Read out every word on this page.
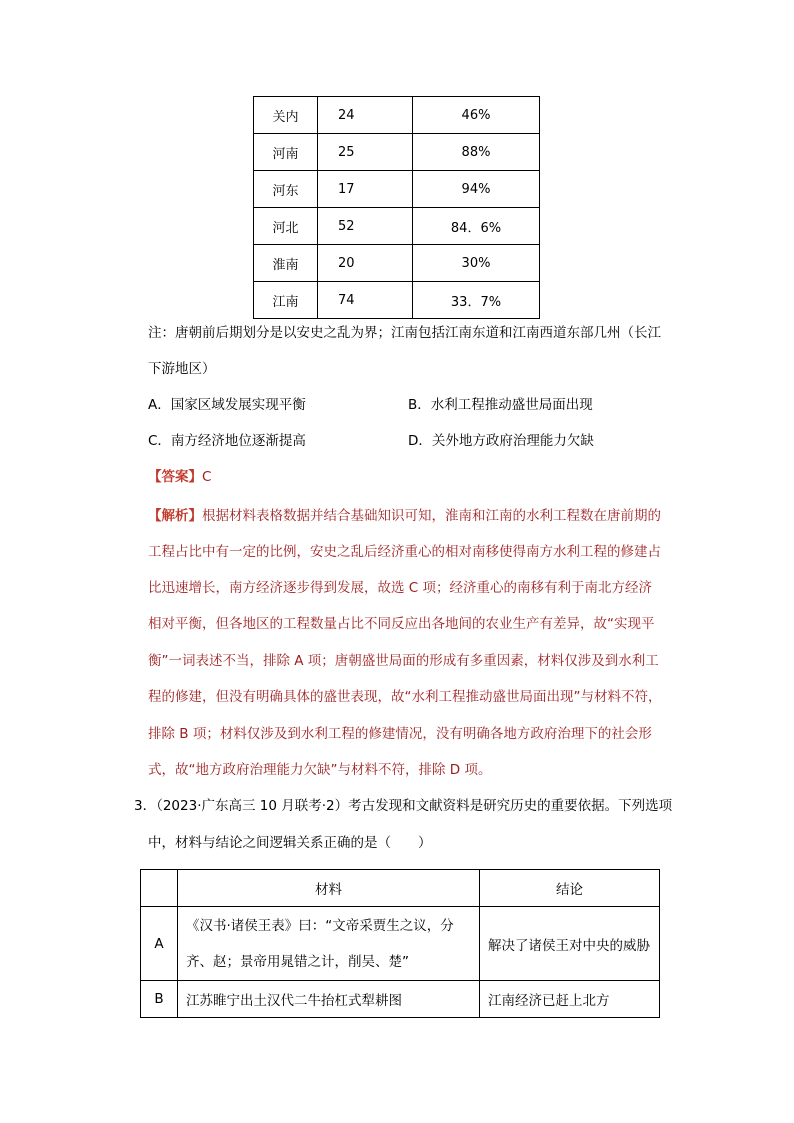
关内	24	46%
河南	25	88%
河东	17	94%
河北	52	84．6%
淮南	20	30%
江南	74	33．7%
注：唐朝前后期划分是以安史之乱为界；江南包括江南东道和江南西道东部几州（长江
下游地区）
A．国家区域发展实现平衡	B．水利工程推动盛世局面出现
C．南方经济地位逐渐提高	D．关外地方政府治理能力欠缺
【答案】C
【解析】根据材料表格数据并结合基础知识可知，淮南和江南的水利工程数在唐前期的
工程占比中有一定的比例，安史之乱后经济重心的相对南移使得南方水利工程的修建占
比迅速增长，南方经济逐步得到发展，故选 C 项；经济重心的南移有利于南北方经济
相对平衡，但各地区的工程数量占比不同反应出各地间的农业生产有差异，故“实现平
衡”一词表述不当，排除 A 项；唐朝盛世局面的形成有多重因素，材料仅涉及到水利工
程的修建，但没有明确具体的盛世表现，故“水利工程推动盛世局面出现”与材料不符，
排除 B 项；材料仅涉及到水利工程的修建情况，没有明确各地方政府治理下的社会形
式，故“地方政府治理能力欠缺”与材料不符，排除 D 项。
3．（2023·广东高三 10 月联考·2）考古发现和文献资料是研究历史的重要依据。下列选项
中，材料与结论之间逻辑关系正确的是（　　）
	材料	结论
A	《汉书·诸侯王表》曰：“文帝采贾生之议，分
齐、赵；景帝用晁错之计，削吴、楚”	解决了诸侯王对中央的威胁
B	江苏睢宁出土汉代二牛抬杠式犁耕图	江南经济已赶上北方
